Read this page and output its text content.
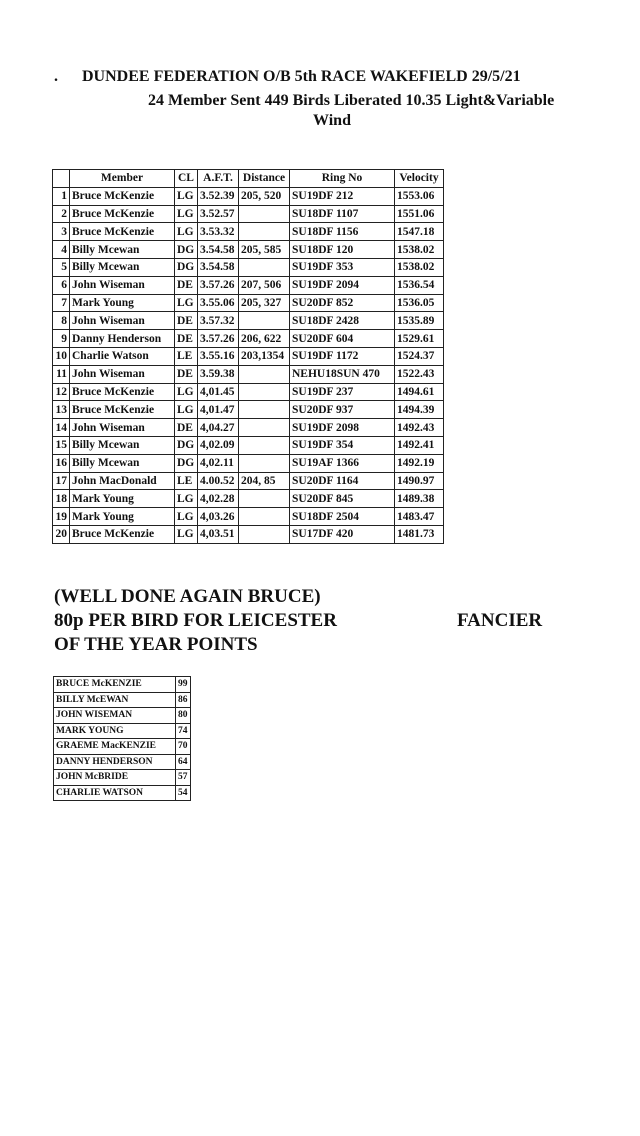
. DUNDEE FEDERATION O/B 5th RACE WAKEFIELD 29/5/21
24 Member Sent 449 Birds Liberated 10.35 Light&Variable
Wind
	Member	CL	A.F.T.	Distance	Ring No	Velocity
1	Bruce McKenzie	LG	3.52.39	205, 520	SU19DF 212	1553.06
2	Bruce McKenzie	LG	3.52.57		SU18DF 1107	1551.06
3	Bruce McKenzie	LG	3.53.32		SU18DF 1156	1547.18
4	Billy Mcewan	DG	3.54.58	205, 585	SU18DF 120	1538.02
5	Billy Mcewan	DG	3.54.58		SU19DF 353	1538.02
6	John Wiseman	DE	3.57.26	207, 506	SU19DF 2094	1536.54
7	Mark Young	LG	3.55.06	205, 327	SU20DF 852	1536.05
8	John Wiseman	DE	3.57.32		SU18DF 2428	1535.89
9	Danny Henderson	DE	3.57.26	206, 622	SU20DF 604	1529.61
10	Charlie Watson	LE	3.55.16	203,1354	SU19DF 1172	1524.37
11	John Wiseman	DE	3.59.38		NEHU18SUN 470	1522.43
12	Bruce McKenzie	LG	4,01.45		SU19DF 237	1494.61
13	Bruce McKenzie	LG	4,01.47		SU20DF 937	1494.39
14	John Wiseman	DE	4,04.27		SU19DF 2098	1492.43
15	Billy Mcewan	DG	4,02.09		SU19DF 354	1492.41
16	Billy Mcewan	DG	4,02.11		SU19AF 1366	1492.19
17	John MacDonald	LE	4.00.52	204, 85	SU20DF 1164	1490.97
18	Mark Young	LG	4,02.28		SU20DF 845	1489.38
19	Mark Young	LG	4,03.26		SU18DF 2504	1483.47
20	Bruce McKenzie	LG	4,03.51		SU17DF 420	1481.73
(WELL DONE AGAIN BRUCE)
80p PER BIRD FOR LEICESTER	FANCIER
OF THE YEAR POINTS
BRUCE McKENZIE	99
BILLY McEWAN	86
JOHN WISEMAN	80
MARK YOUNG	74
GRAEME MacKENZIE	70
DANNY HENDERSON	64
JOHN McBRIDE	57
CHARLIE WATSON	54
